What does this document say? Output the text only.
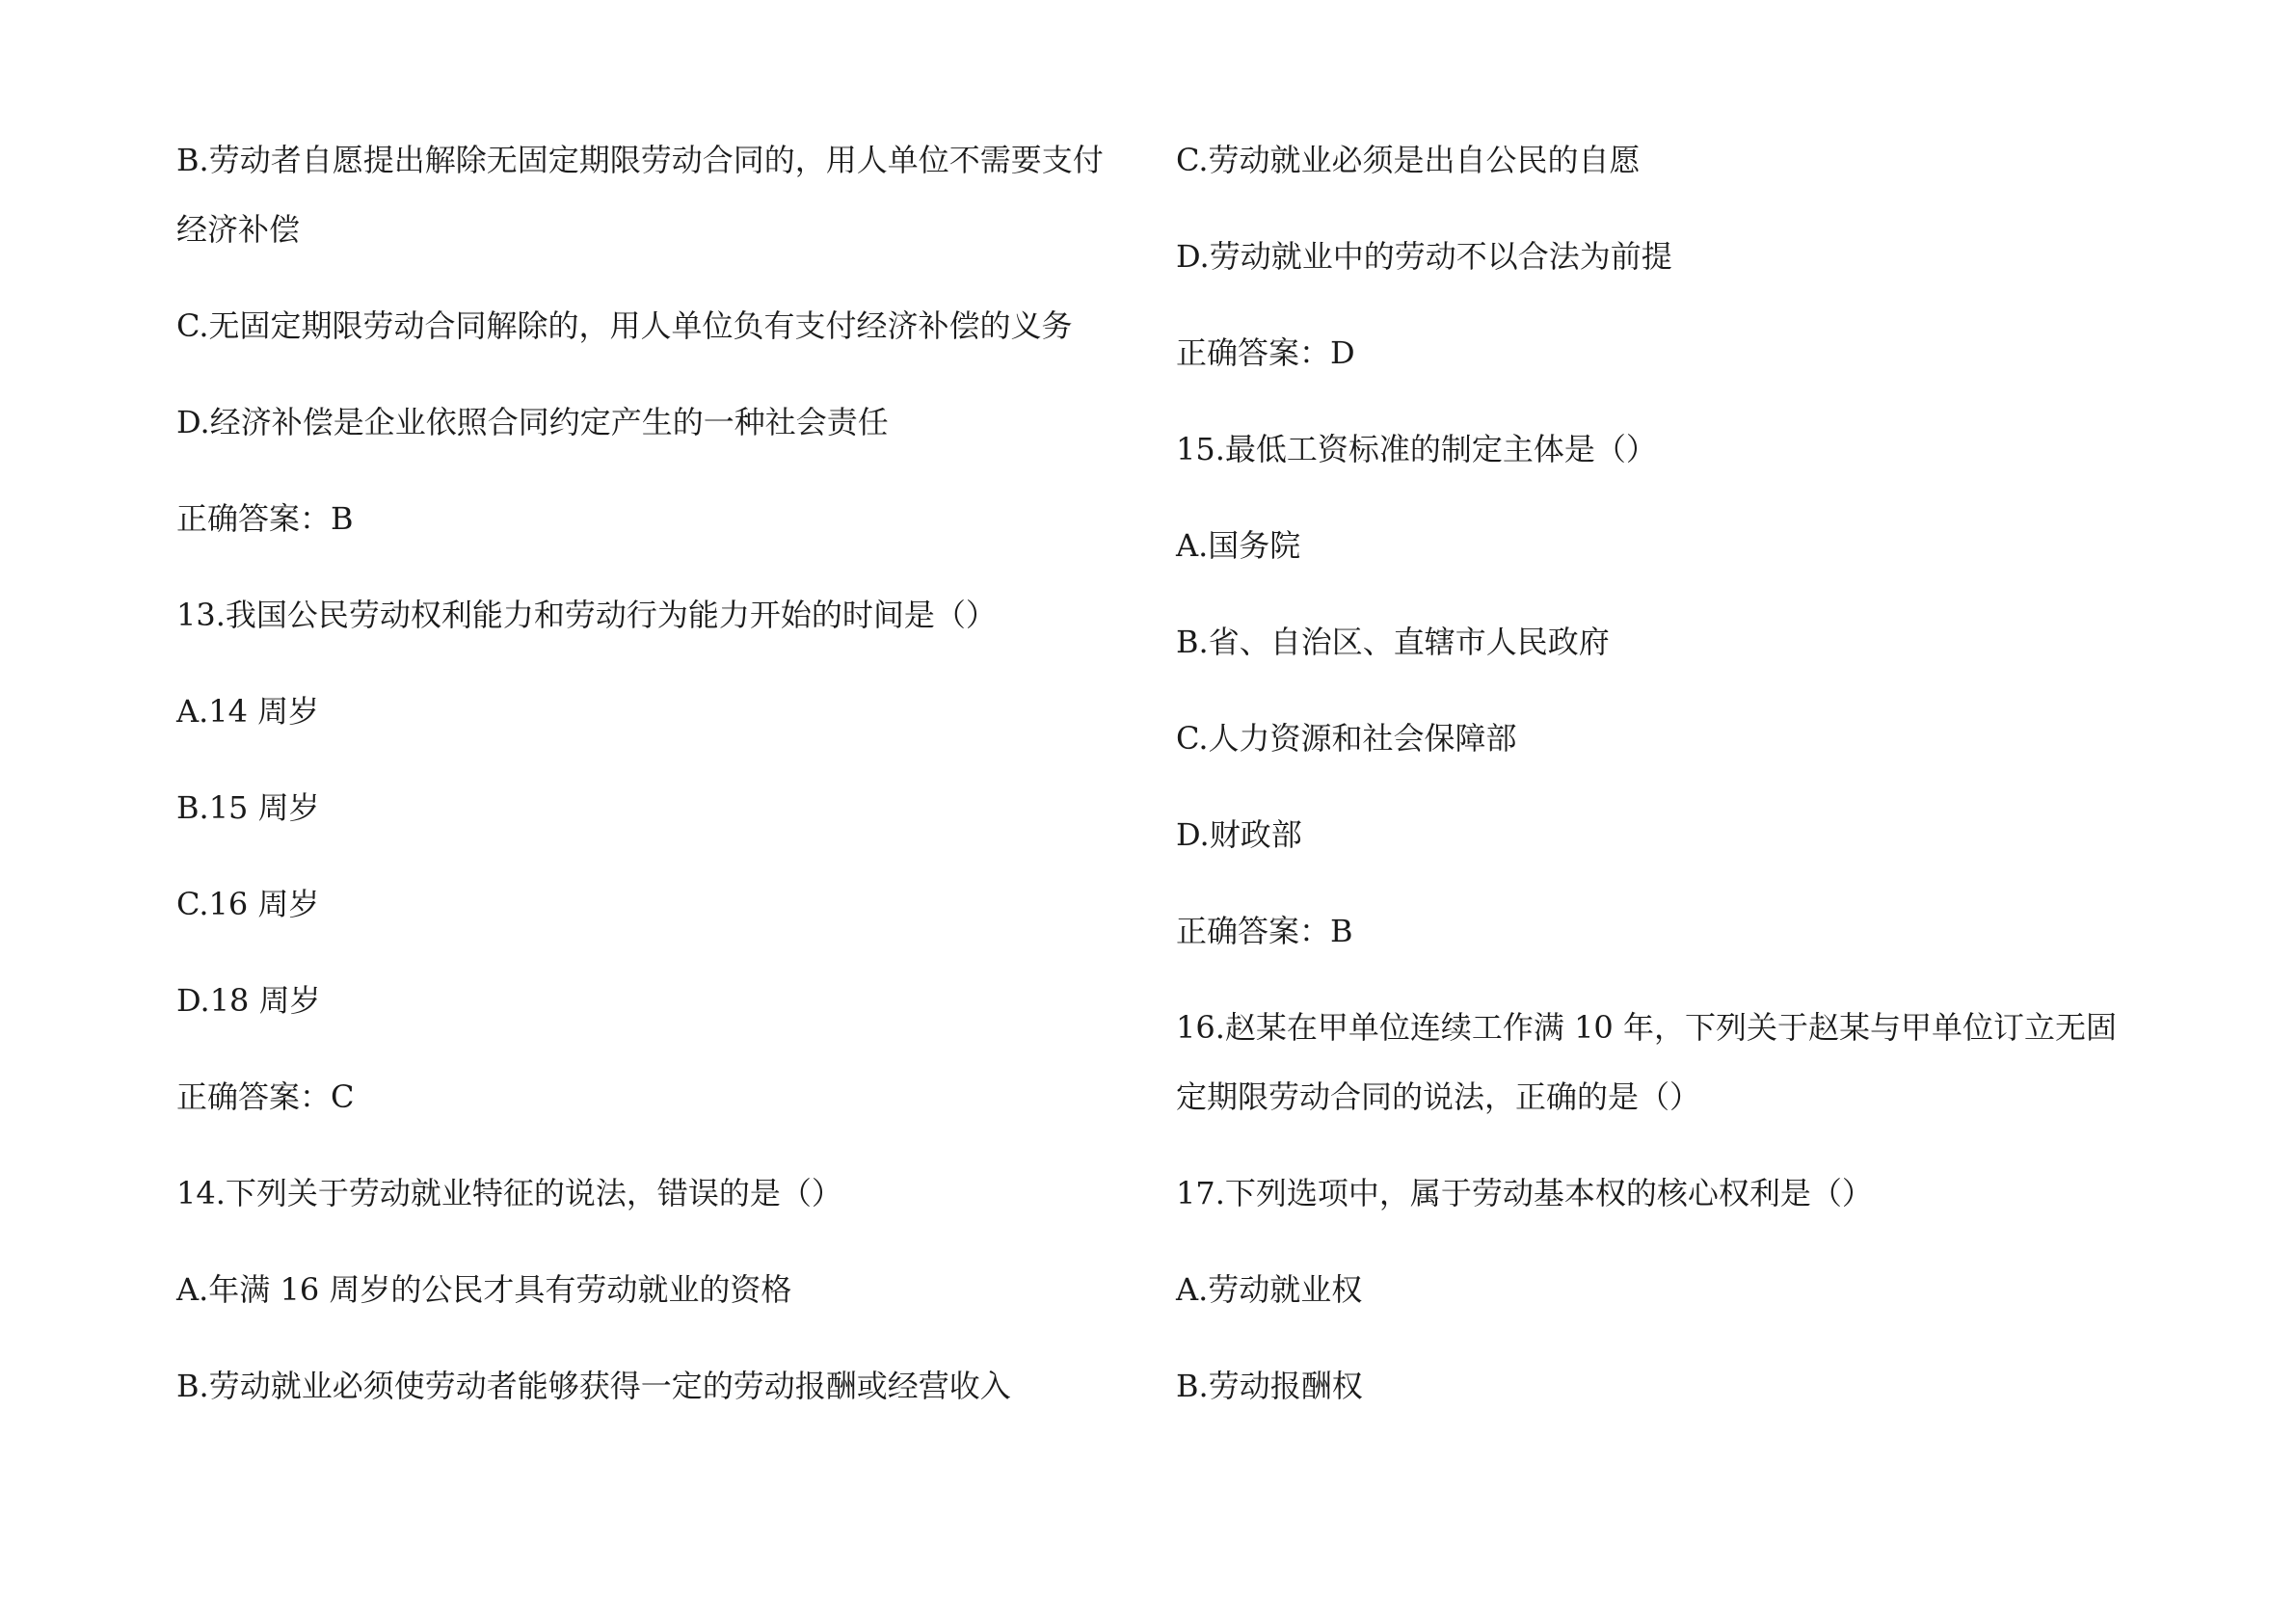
B.劳动者自愿提出解除无固定期限劳动合同的，用人单位不需要支付
经济补偿
C.无固定期限劳动合同解除的，用人单位负有支付经济补偿的义务
D.经济补偿是企业依照合同约定产生的一种社会责任
正确答案：B
13.我国公民劳动权利能力和劳动行为能力开始的时间是（）
A.14 周岁
B.15 周岁
C.16 周岁
D.18 周岁
正确答案：C
14.下列关于劳动就业特征的说法，错误的是（）
A.年满 16 周岁的公民才具有劳动就业的资格
B.劳动就业必须使劳动者能够获得一定的劳动报酬或经营收入
C.劳动就业必须是出自公民的自愿
D.劳动就业中的劳动不以合法为前提
正确答案：D
15.最低工资标准的制定主体是（）
A.国务院
B.省、自治区、直辖市人民政府
C.人力资源和社会保障部
D.财政部
正确答案：B
16.赵某在甲单位连续工作满 10 年，下列关于赵某与甲单位订立无固
定期限劳动合同的说法，正确的是（）
17.下列选项中，属于劳动基本权的核心权利是（）
A.劳动就业权
B.劳动报酬权
